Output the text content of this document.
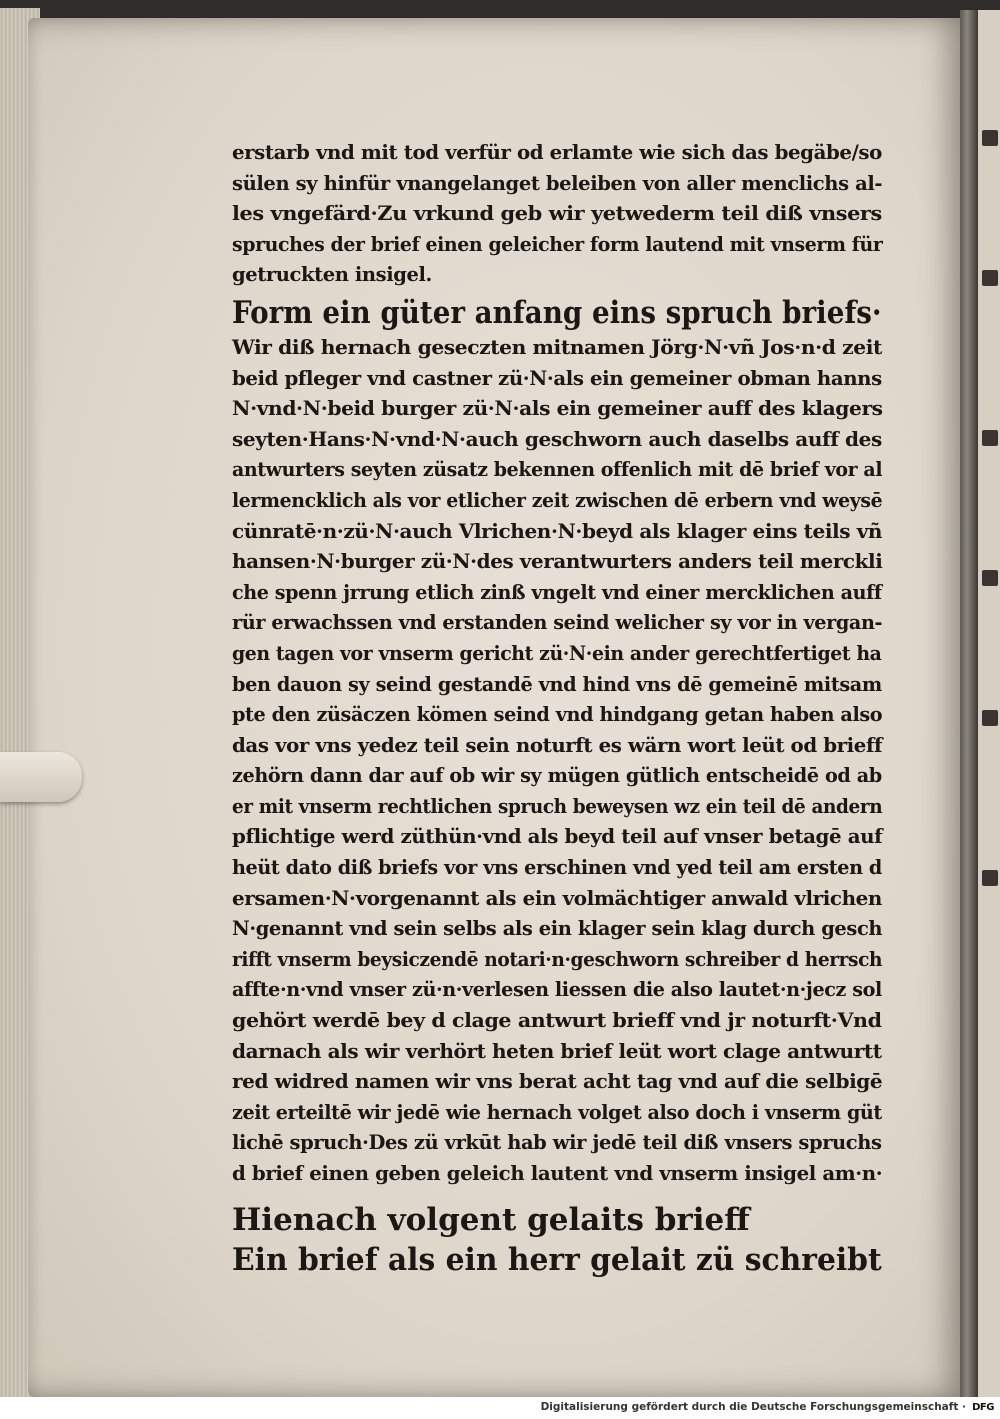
erstarb vnd mit tod verfür od erlamte wie sich das begäbe/so
sülen sy hinfür vnangelanget beleiben von aller menclichs al-
les vngefärd·Zu vrkund geb wir yetwederm teil diß vnsers
spruches der brief einen geleicher form lautend mit vnserm für
getruckten insigel.
Form ein güter anfang eins spruch briefs·
Wir diß hernach geseczten mitnamen Jörg·N·vñ Jos·n·d zeit
beid pfleger vnd castner zü·N·als ein gemeiner obman hanns
N·vnd·N·beid burger zü·N·als ein gemeiner auff des klagers
seyten·Hans·N·vnd·N·auch geschworn auch daselbs auff des
antwurters seyten züsatz bekennen offenlich mit dē brief vor al
lermencklich als vor etlicher zeit zwischen dē erbern vnd weysē
cünratē·n·zü·N·auch Vlrichen·N·beyd als klager eins teils vñ
hansen·N·burger zü·N·des verantwurters anders teil merckli
che spenn jrrung etlich zinß vngelt vnd einer mercklichen auff
rür erwachssen vnd erstanden seind welicher sy vor in vergan-
gen tagen vor vnserm gericht zü·N·ein ander gerechtfertiget ha
ben dauon sy seind gestandē vnd hind vns dē gemeinē mitsam
pte den züsäczen kömen seind vnd hindgang getan haben also
das vor vns yedez teil sein noturft es wärn wort leüt od brieff
zehörn dann dar auf ob wir sy mügen gütlich entscheidē od ab
er mit vnserm rechtlichen spruch beweysen wz ein teil dē andern
pflichtige werd züthün·vnd als beyd teil auf vnser betagē auf
heüt dato diß briefs vor vns erschinen vnd yed teil am ersten d
ersamen·N·vorgenannt als ein volmächtiger anwald vlrichen
N·genannt vnd sein selbs als ein klager sein klag durch gesch
rifft vnserm beysiczendē notari·n·geschworn schreiber d herrsch
affte·n·vnd vnser zü·n·verlesen liessen die also lautet·n·jecz sol
gehört werdē bey d clage antwurt brieff vnd jr noturft·Vnd
darnach als wir verhört heten brief leüt wort clage antwurtt
red widred namen wir vns berat acht tag vnd auf die selbigē
zeit erteiltē wir jedē wie hernach volget also doch i vnserm güt
lichē spruch·Des zü vrkūt hab wir jedē teil diß vnsers spruchs
d brief einen geben geleich lautent vnd vnserm insigel am·n·
Hienach volgent gelaits brieff
Ein brief als ein herr gelait zü schreibt
Digitalisierung gefördert durch die Deutsche Forschungsgemeinschaft · DFG
